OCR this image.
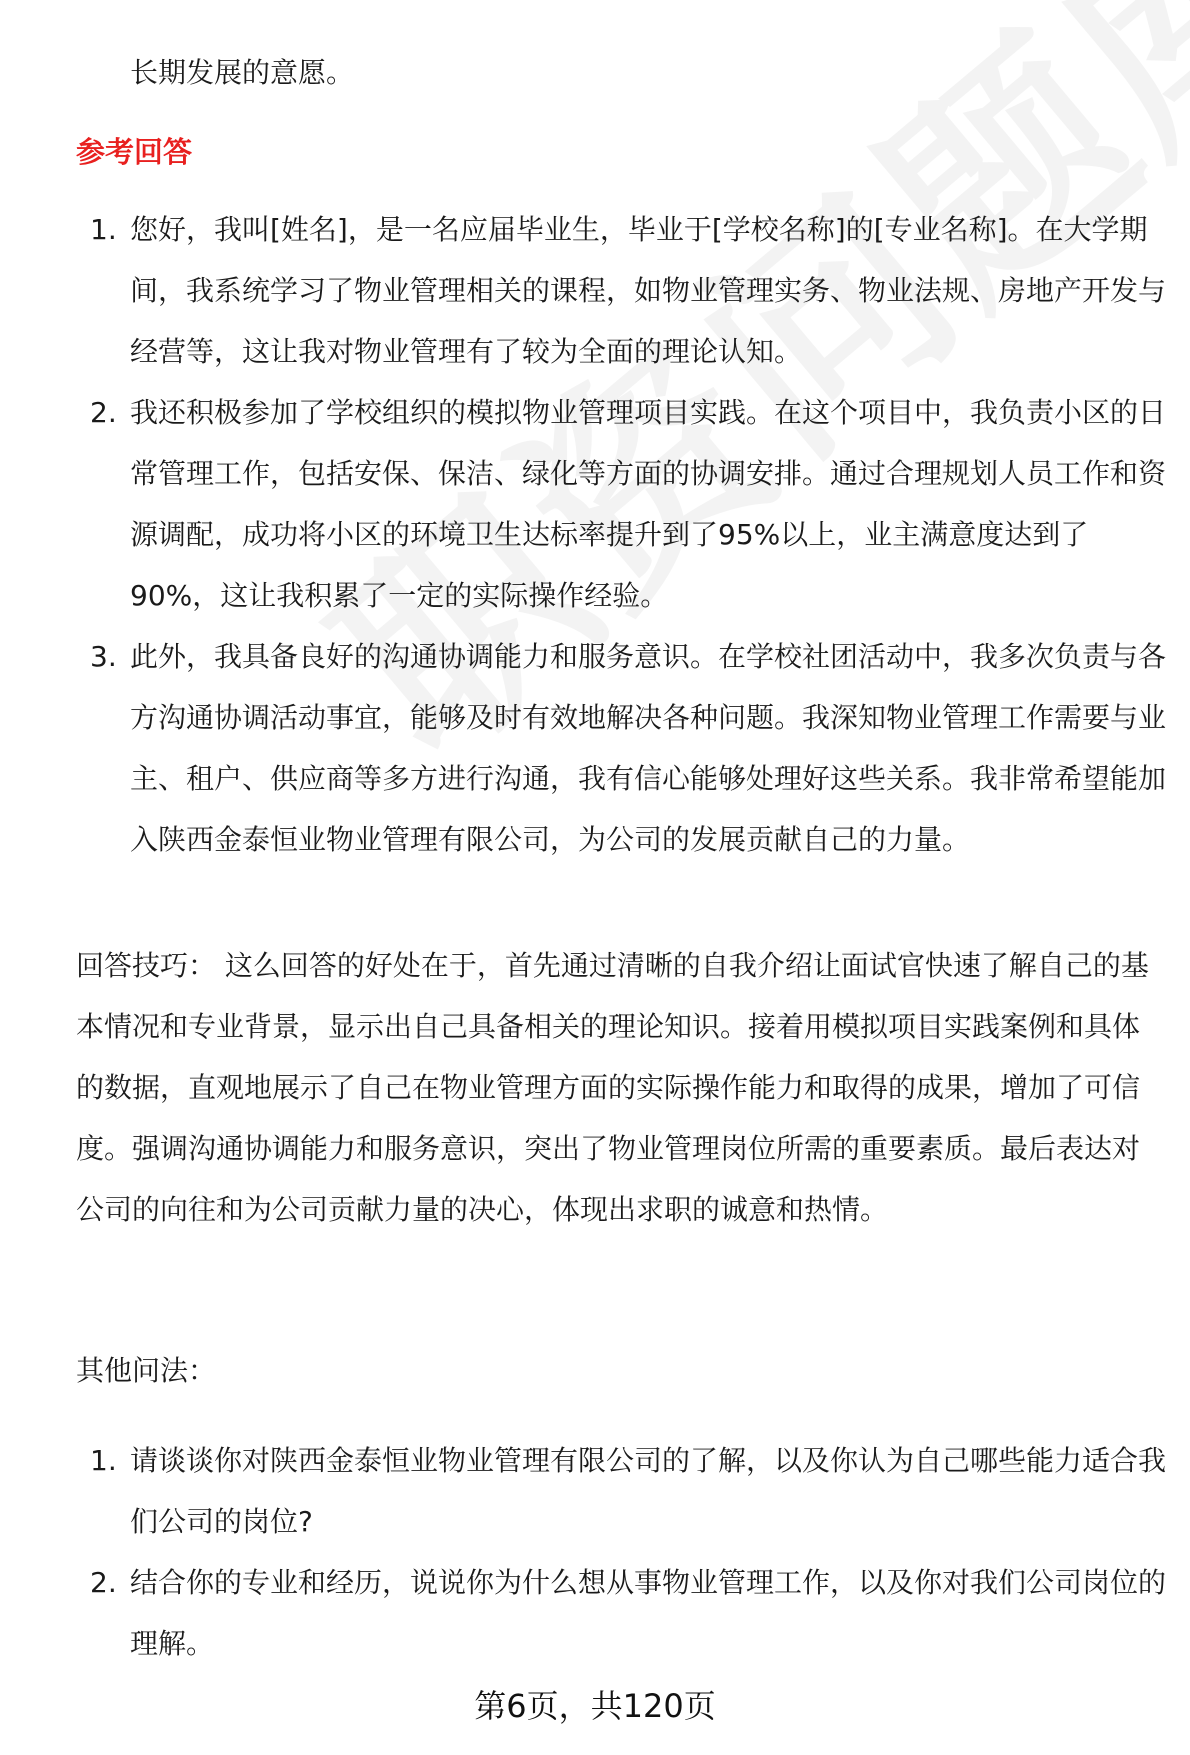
长期发展的意愿。
参考回答
1. 您好，我叫[姓名]，是一名应届毕业生，毕业于[学校名称]的[专业名称]。在大学期间，我系统学习了物业管理相关的课程，如物业管理实务、物业法规、房地产开发与经营等，这让我对物业管理有了较为全面的理论认知。
2. 我还积极参加了学校组织的模拟物业管理项目实践。在这个项目中，我负责小区的日常管理工作，包括安保、保洁、绿化等方面的协调安排。通过合理规划人员工作和资源调配，成功将小区的环境卫生达标率提升到了95%以上，业主满意度达到了90%，这让我积累了一定的实际操作经验。
3. 此外，我具备良好的沟通协调能力和服务意识。在学校社团活动中，我多次负责与各方沟通协调活动事宜，能够及时有效地解决各种问题。我深知物业管理工作需要与业主、租户、供应商等多方进行沟通，我有信心能够处理好这些关系。我非常希望能加入陕西金泰恒业物业管理有限公司，为公司的发展贡献自己的力量。
回答技巧： 这么回答的好处在于，首先通过清晰的自我介绍让面试官快速了解自己的基本情况和专业背景，显示出自己具备相关的理论知识。接着用模拟项目实践案例和具体的数据，直观地展示了自己在物业管理方面的实际操作能力和取得的成果，增加了可信度。强调沟通协调能力和服务意识，突出了物业管理岗位所需的重要素质。最后表达对公司的向往和为公司贡献力量的决心，体现出求职的诚意和热情。
其他问法：
1. 请谈谈你对陕西金泰恒业物业管理有限公司的了解，以及你认为自己哪些能力适合我们公司的岗位?
2. 结合你的专业和经历，说说你为什么想从事物业管理工作，以及你对我们公司岗位的理解。
第6页，共120页
